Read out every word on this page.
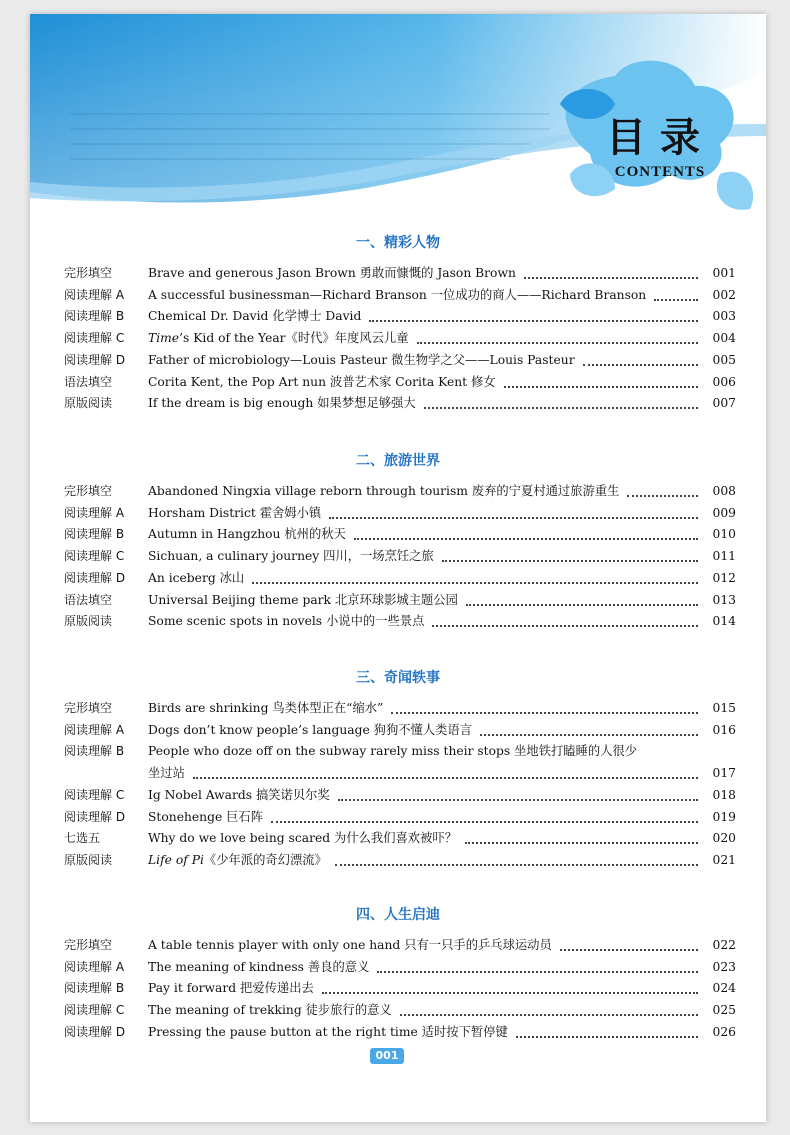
目录
CONTENTS
一、精彩人物
完形填空	Brave and generous Jason Brown 勇敢而慷慨的 Jason Brown	001
阅读理解 A	A successful businessman—Richard Branson 一位成功的商人——Richard Branson	002
阅读理解 B	Chemical Dr. David 化学博士 David	003
阅读理解 C	Time’s Kid of the Year《时代》年度风云儿童	004
阅读理解 D	Father of microbiology—Louis Pasteur 微生物学之父——Louis Pasteur	005
语法填空	Corita Kent, the Pop Art nun 波普艺术家 Corita Kent 修女	006
原版阅读	If the dream is big enough 如果梦想足够强大	007
二、旅游世界
完形填空	Abandoned Ningxia village reborn through tourism 废弃的宁夏村通过旅游重生	008
阅读理解 A	Horsham District 霍舍姆小镇	009
阅读理解 B	Autumn in Hangzhou 杭州的秋天	010
阅读理解 C	Sichuan, a culinary journey 四川，一场烹饪之旅	011
阅读理解 D	An iceberg 冰山	012
语法填空	Universal Beijing theme park 北京环球影城主题公园	013
原版阅读	Some scenic spots in novels 小说中的一些景点	014
三、奇闻轶事
完形填空	Birds are shrinking 鸟类体型正在“缩水”	015
阅读理解 A	Dogs don’t know people’s language 狗狗不懂人类语言	016
阅读理解 B	People who doze off on the subway rarely miss their stops 坐地铁打瞌睡的人很少
坐过站	017
阅读理解 C	Ig Nobel Awards 搞笑诺贝尔奖	018
阅读理解 D	Stonehenge 巨石阵	019
七选五	Why do we love being scared 为什么我们喜欢被吓？	020
原版阅读	Life of Pi《少年派的奇幻漂流》	021
四、人生启迪
完形填空	A table tennis player with only one hand 只有一只手的乒乓球运动员	022
阅读理解 A	The meaning of kindness 善良的意义	023
阅读理解 B	Pay it forward 把爱传递出去	024
阅读理解 C	The meaning of trekking 徒步旅行的意义	025
阅读理解 D	Pressing the pause button at the right time 适时按下暂停键	026
001
